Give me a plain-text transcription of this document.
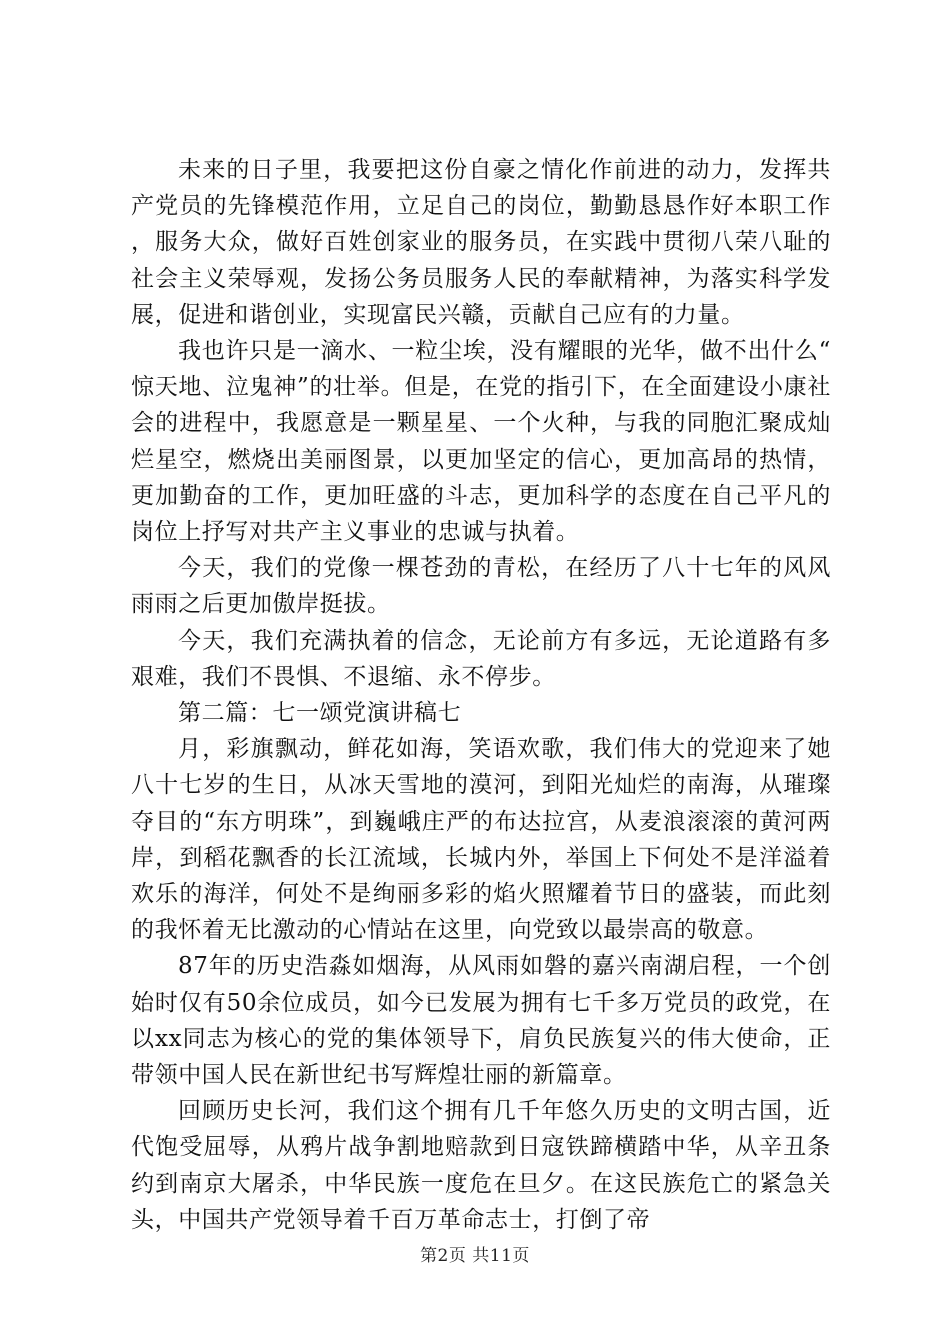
未来的日子里，我要把这份自豪之情化作前进的动力，发挥共产党员的先锋模范作用，立足自己的岗位，勤勤恳恳作好本职工作，服务大众，做好百姓创家业的服务员，在实践中贯彻八荣八耻的社会主义荣辱观，发扬公务员服务人民的奉献精神，为落实科学发展，促进和谐创业，实现富民兴赣，贡献自己应有的力量。

我也许只是一滴水、一粒尘埃，没有耀眼的光华，做不出什么“惊天地、泣鬼神”的壮举。但是，在党的指引下，在全面建设小康社会的进程中，我愿意是一颗星星、一个火种，与我的同胞汇聚成灿烂星空，燃烧出美丽图景，以更加坚定的信心，更加高昂的热情，更加勤奋的工作，更加旺盛的斗志，更加科学的态度在自己平凡的岗位上抒写对共产主义事业的忠诚与执着。

今天，我们的党像一棵苍劲的青松，在经历了八十七年的风风雨雨之后更加傲岸挺拔。

今天，我们充满执着的信念，无论前方有多远，无论道路有多艰难，我们不畏惧、不退缩、永不停步。

第二篇：七一颂党演讲稿七

月，彩旗飘动，鲜花如海，笑语欢歌，我们伟大的党迎来了她八十七岁的生日，从冰天雪地的漠河，到阳光灿烂的南海，从璀璨夺目的“东方明珠”，到巍峨庄严的布达拉宫，从麦浪滚滚的黄河两岸，到稻花飘香的长江流域，长城内外，举国上下何处不是洋溢着欢乐的海洋，何处不是绚丽多彩的焰火照耀着节日的盛装，而此刻的我怀着无比激动的心情站在这里，向党致以最崇高的敬意。

87年的历史浩淼如烟海，从风雨如磐的嘉兴南湖启程，一个创始时仅有50余位成员，如今已发展为拥有七千多万党员的政党，在以xx同志为核心的党的集体领导下，肩负民族复兴的伟大使命，正带领中国人民在新世纪书写辉煌壮丽的新篇章。

回顾历史长河，我们这个拥有几千年悠久历史的文明古国，近代饱受屈辱，从鸦片战争割地赔款到日寇铁蹄横踏中华，从辛丑条约到南京大屠杀，中华民族一度危在旦夕。在这民族危亡的紧急关头，中国共产党领导着千百万革命志士，打倒了帝

第2页 共11页
